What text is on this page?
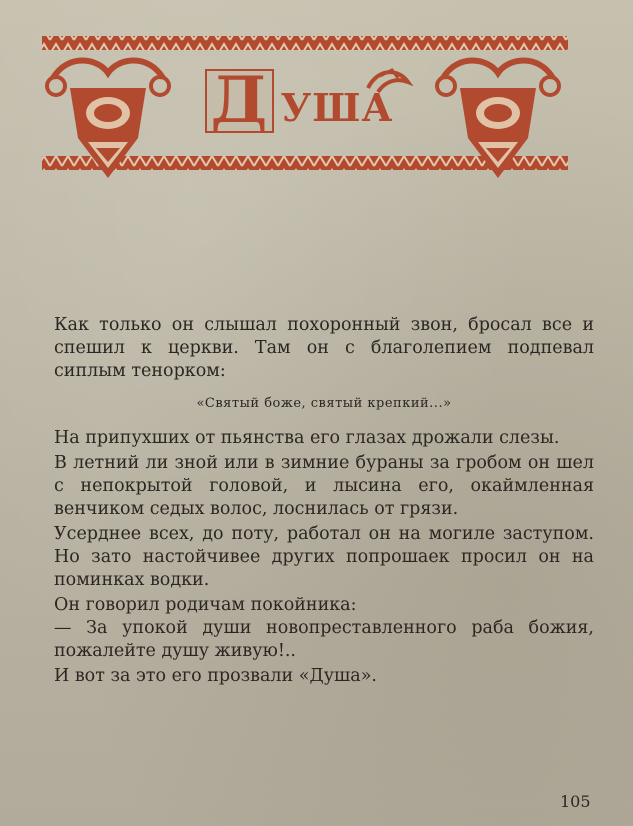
Д УША

Как только он слышал похоронный звон, бросал все и спешил к церкви. Там он с благолепием подпевал сиплым тенорком:

«Святый боже, святый крепкий...»

На припухших от пьянства его глазах дрожали слезы.

В летний ли зной или в зимние бураны за гробом он шел с непокрытой головой, и лысина его, окаймленная венчиком седых волос, лоснилась от грязи.

Усерднее всех, до поту, работал он на могиле заступом. Но зато настойчивее других попрошаек просил он на поминках водки.

Он говорил родичам покойника:

— За упокой души новопреставленного раба божия, пожалейте душу живую!..

И вот за это его прозвали «Душа».

105
